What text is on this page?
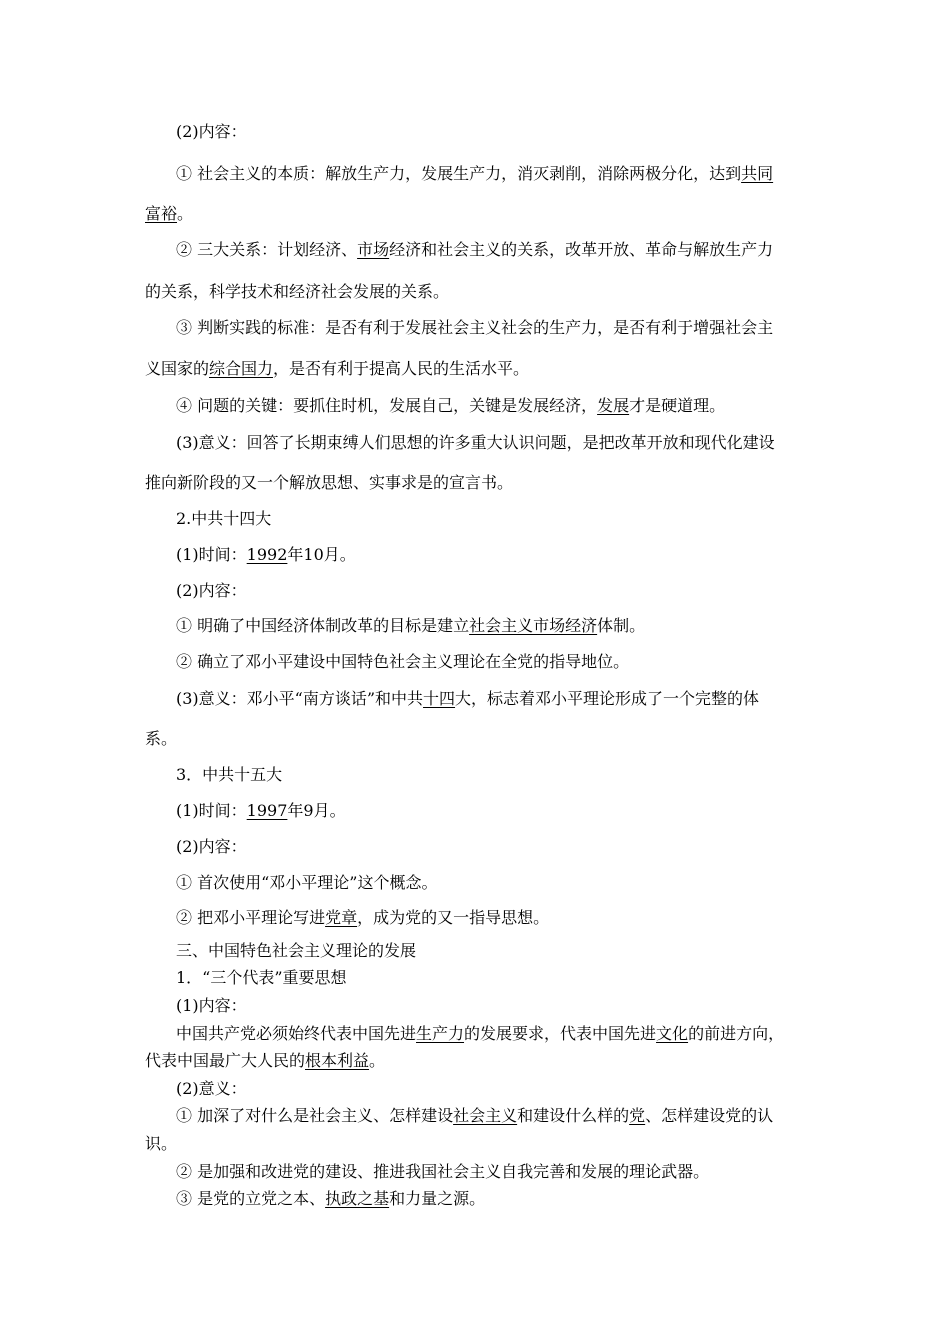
(2)内容：

① 社会主义的本质：解放生产力，发展生产力，消灭剥削，消除两极分化，达到共同

富裕。

② 三大关系：计划经济、市场经济和社会主义的关系，改革开放、革命与解放生产力

的关系，科学技术和经济社会发展的关系。

③ 判断实践的标准：是否有利于发展社会主义社会的生产力，是否有利于增强社会主

义国家的综合国力，是否有利于提高人民的生活水平。

④ 问题的关键：要抓住时机，发展自己，关键是发展经济，发展才是硬道理。

(3)意义：回答了长期束缚人们思想的许多重大认识问题，是把改革开放和现代化建设

推向新阶段的又一个解放思想、实事求是的宣言书。

2.中共十四大

(1)时间：1992年10月。

(2)内容：

① 明确了中国经济体制改革的目标是建立社会主义市场经济体制。

② 确立了邓小平建设中国特色社会主义理论在全党的指导地位。

(3)意义：邓小平“南方谈话”和中共十四大，标志着邓小平理论形成了一个完整的体

系。

3．中共十五大

(1)时间：1997年9月。

(2)内容：

① 首次使用“邓小平理论”这个概念。

② 把邓小平理论写进党章，成为党的又一指导思想。

三、中国特色社会主义理论的发展

1．“三个代表”重要思想

(1)内容：

中国共产党必须始终代表中国先进生产力的发展要求，代表中国先进文化的前进方向，

代表中国最广大人民的根本利益。

(2)意义：

① 加深了对什么是社会主义、怎样建设社会主义和建设什么样的党、怎样建设党的认

识。

② 是加强和改进党的建设、推进我国社会主义自我完善和发展的理论武器。

③ 是党的立党之本、执政之基和力量之源。
